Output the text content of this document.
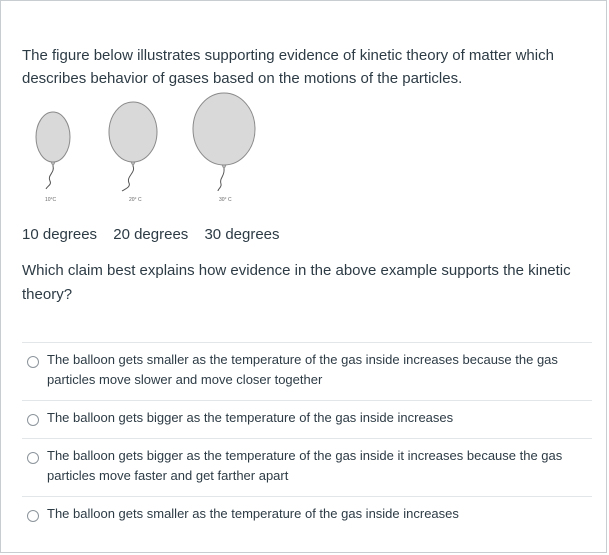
The figure below illustrates supporting evidence of kinetic theory of matter which describes behavior of gases based on the motions of the particles.
10°C	20° C	30° C
10 degrees 20 degrees 30 degrees
Which claim best explains how evidence in the above example supports the kinetic theory?
The balloon gets smaller as the temperature of the gas inside increases because the gas particles move slower and move closer together
The balloon gets bigger as the temperature of the gas inside increases
The balloon gets bigger as the temperature of the gas inside it increases because the gas particles move faster and get farther apart
The balloon gets smaller as the temperature of the gas inside increases
